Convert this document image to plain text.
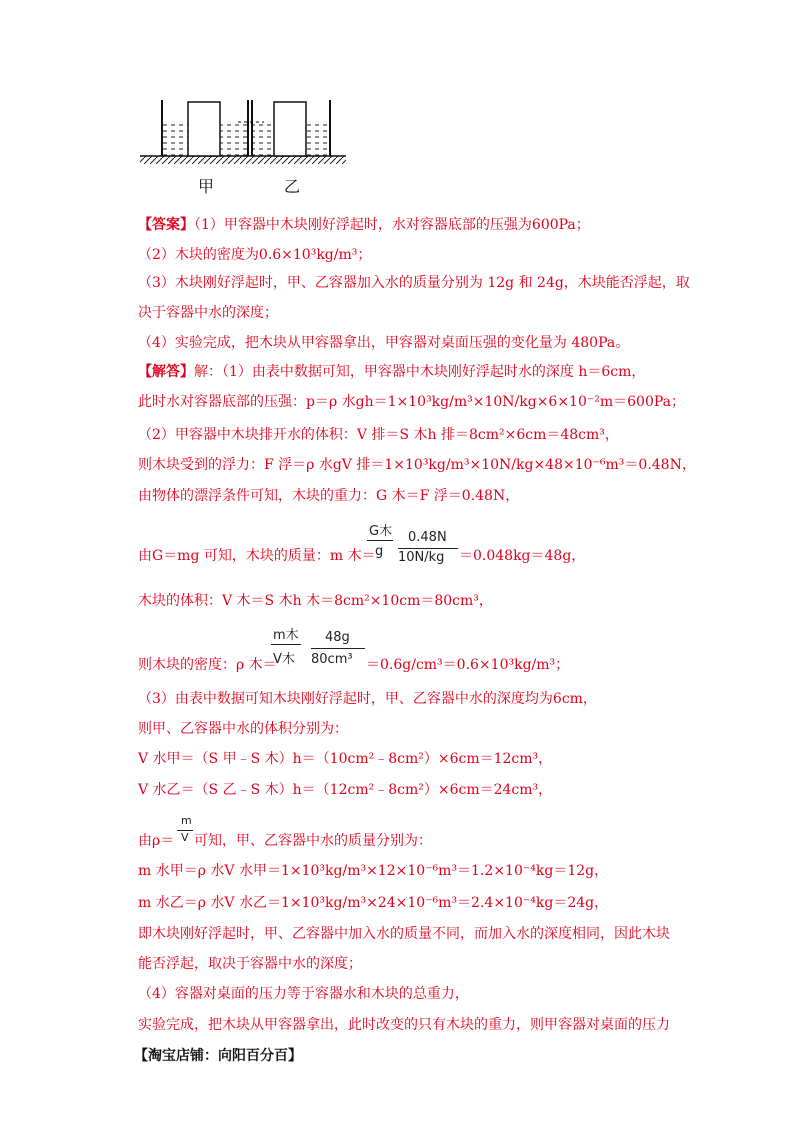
甲	乙
【答案】（1）甲容器中木块刚好浮起时，水对容器底部的压强为600Pa；
（2）木块的密度为0.6×10³kg/m³；
（3）木块刚好浮起时，甲、乙容器加入水的质量分别为 12g 和 24g，木块能否浮起，取
决于容器中水的深度；
（4）实验完成，把木块从甲容器拿出，甲容器对桌面压强的变化量为 480Pa。
【解答】解：（1）由表中数据可知，甲容器中木块刚好浮起时水的深度 h＝6cm，
此时水对容器底部的压强：p＝ρ 水gh＝1×10³kg/m³×10N/kg×6×10⁻²m＝600Pa；
（2）甲容器中木块排开水的体积：V 排＝S 木h 排＝8cm²×6cm＝48cm³，
则木块受到的浮力：F 浮＝ρ 水gV 排＝1×10³kg/m³×10N/kg×48×10⁻⁶m³＝0.48N，
由物体的漂浮条件可知，木块的重力：G 木＝F 浮＝0.48N，
由G＝mg 可知，木块的质量：m 木＝
G木
g
0.48N
10N/kg ＝0.048kg＝48g，
木块的体积：V 木＝S 木h 木＝8cm²×10cm＝80cm³，
则木块的密度：ρ 木＝
m木
V木
48g
80cm³ ＝0.6g/cm³＝0.6×10³kg/m³；
（3）由表中数据可知木块刚好浮起时，甲、乙容器中水的深度均为6cm，
则甲、乙容器中水的体积分别为：
V 水甲＝（S 甲﹣S 木）h＝（10cm²﹣8cm²）×6cm＝12cm³，
V 水乙＝（S 乙﹣S 木）h＝（12cm²﹣8cm²）×6cm＝24cm³，
由ρ＝
m
V 可知，甲、乙容器中水的质量分别为：
m 水甲＝ρ 水V 水甲＝1×10³kg/m³×12×10⁻⁶m³＝1.2×10⁻⁴kg＝12g，
m 水乙＝ρ 水V 水乙＝1×10³kg/m³×24×10⁻⁶m³＝2.4×10⁻⁴kg＝24g，
即木块刚好浮起时，甲、乙容器中加入水的质量不同，而加入水的深度相同，因此木块
能否浮起，取决于容器中水的深度；
（4）容器对桌面的压力等于容器水和木块的总重力，
实验完成，把木块从甲容器拿出，此时改变的只有木块的重力，则甲容器对桌面的压力
【淘宝店铺：向阳百分百】
